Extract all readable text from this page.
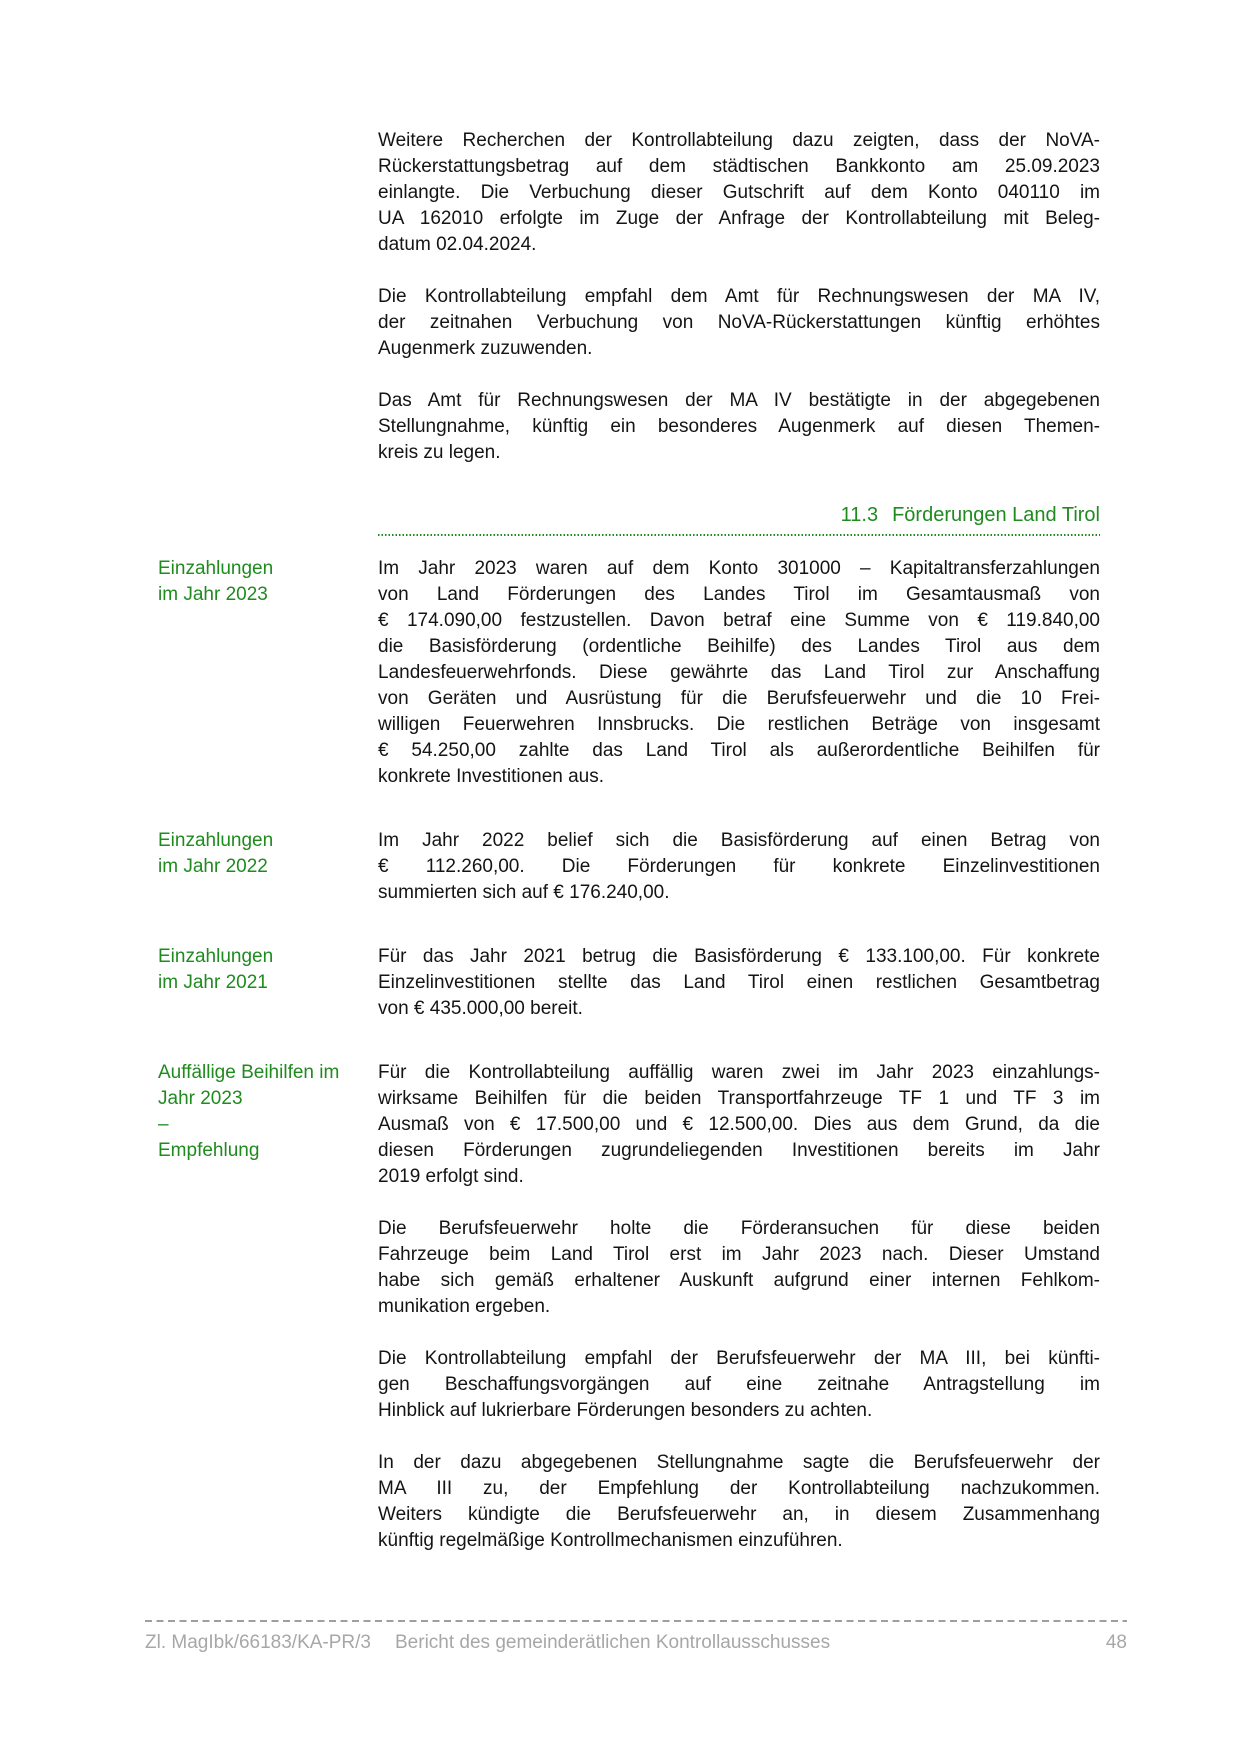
Weitere Recherchen der Kontrollabteilung dazu zeigten, dass der NoVA-
Rückerstattungsbetrag auf dem städtischen Bankkonto am 25.09.2023
einlangte. Die Verbuchung dieser Gutschrift auf dem Konto 040110 im
UA 162010 erfolgte im Zuge der Anfrage der Kontrollabteilung mit Beleg-
datum 02.04.2024.
Die Kontrollabteilung empfahl dem Amt für Rechnungswesen der MA IV,
der zeitnahen Verbuchung von NoVA-Rückerstattungen künftig erhöhtes
Augenmerk zuzuwenden.
Das Amt für Rechnungswesen der MA IV bestätigte in der abgegebenen
Stellungnahme, künftig ein besonderes Augenmerk auf diesen Themen-
kreis zu legen.
11.3 Förderungen Land Tirol
Einzahlungen
im Jahr 2023
Im Jahr 2023 waren auf dem Konto 301000 – Kapitaltransferzahlungen
von Land Förderungen des Landes Tirol im Gesamtausmaß von
€ 174.090,00 festzustellen. Davon betraf eine Summe von € 119.840,00
die Basisförderung (ordentliche Beihilfe) des Landes Tirol aus dem
Landesfeuerwehrfonds. Diese gewährte das Land Tirol zur Anschaffung
von Geräten und Ausrüstung für die Berufsfeuerwehr und die 10 Frei-
willigen Feuerwehren Innsbrucks. Die restlichen Beträge von insgesamt
€ 54.250,00 zahlte das Land Tirol als außerordentliche Beihilfen für
konkrete Investitionen aus.
Einzahlungen
im Jahr 2022
Im Jahr 2022 belief sich die Basisförderung auf einen Betrag von
€ 112.260,00. Die Förderungen für konkrete Einzelinvestitionen
summierten sich auf € 176.240,00.
Einzahlungen
im Jahr 2021
Für das Jahr 2021 betrug die Basisförderung € 133.100,00. Für konkrete
Einzelinvestitionen stellte das Land Tirol einen restlichen Gesamtbetrag
von € 435.000,00 bereit.
Auffällige Beihilfen im
Jahr 2023
–
Empfehlung
Für die Kontrollabteilung auffällig waren zwei im Jahr 2023 einzahlungs-
wirksame Beihilfen für die beiden Transportfahrzeuge TF 1 und TF 3 im
Ausmaß von € 17.500,00 und € 12.500,00. Dies aus dem Grund, da die
diesen Förderungen zugrundeliegenden Investitionen bereits im Jahr
2019 erfolgt sind.
Die Berufsfeuerwehr holte die Förderansuchen für diese beiden
Fahrzeuge beim Land Tirol erst im Jahr 2023 nach. Dieser Umstand
habe sich gemäß erhaltener Auskunft aufgrund einer internen Fehlkom-
munikation ergeben.
Die Kontrollabteilung empfahl der Berufsfeuerwehr der MA III, bei künfti-
gen Beschaffungsvorgängen auf eine zeitnahe Antragstellung im
Hinblick auf lukrierbare Förderungen besonders zu achten.
In der dazu abgegebenen Stellungnahme sagte die Berufsfeuerwehr der
MA III zu, der Empfehlung der Kontrollabteilung nachzukommen.
Weiters kündigte die Berufsfeuerwehr an, in diesem Zusammenhang
künftig regelmäßige Kontrollmechanismen einzuführen.
Zl. MagIbk/66183/KA-PR/3	Bericht des gemeinderätlichen Kontrollausschusses	48
